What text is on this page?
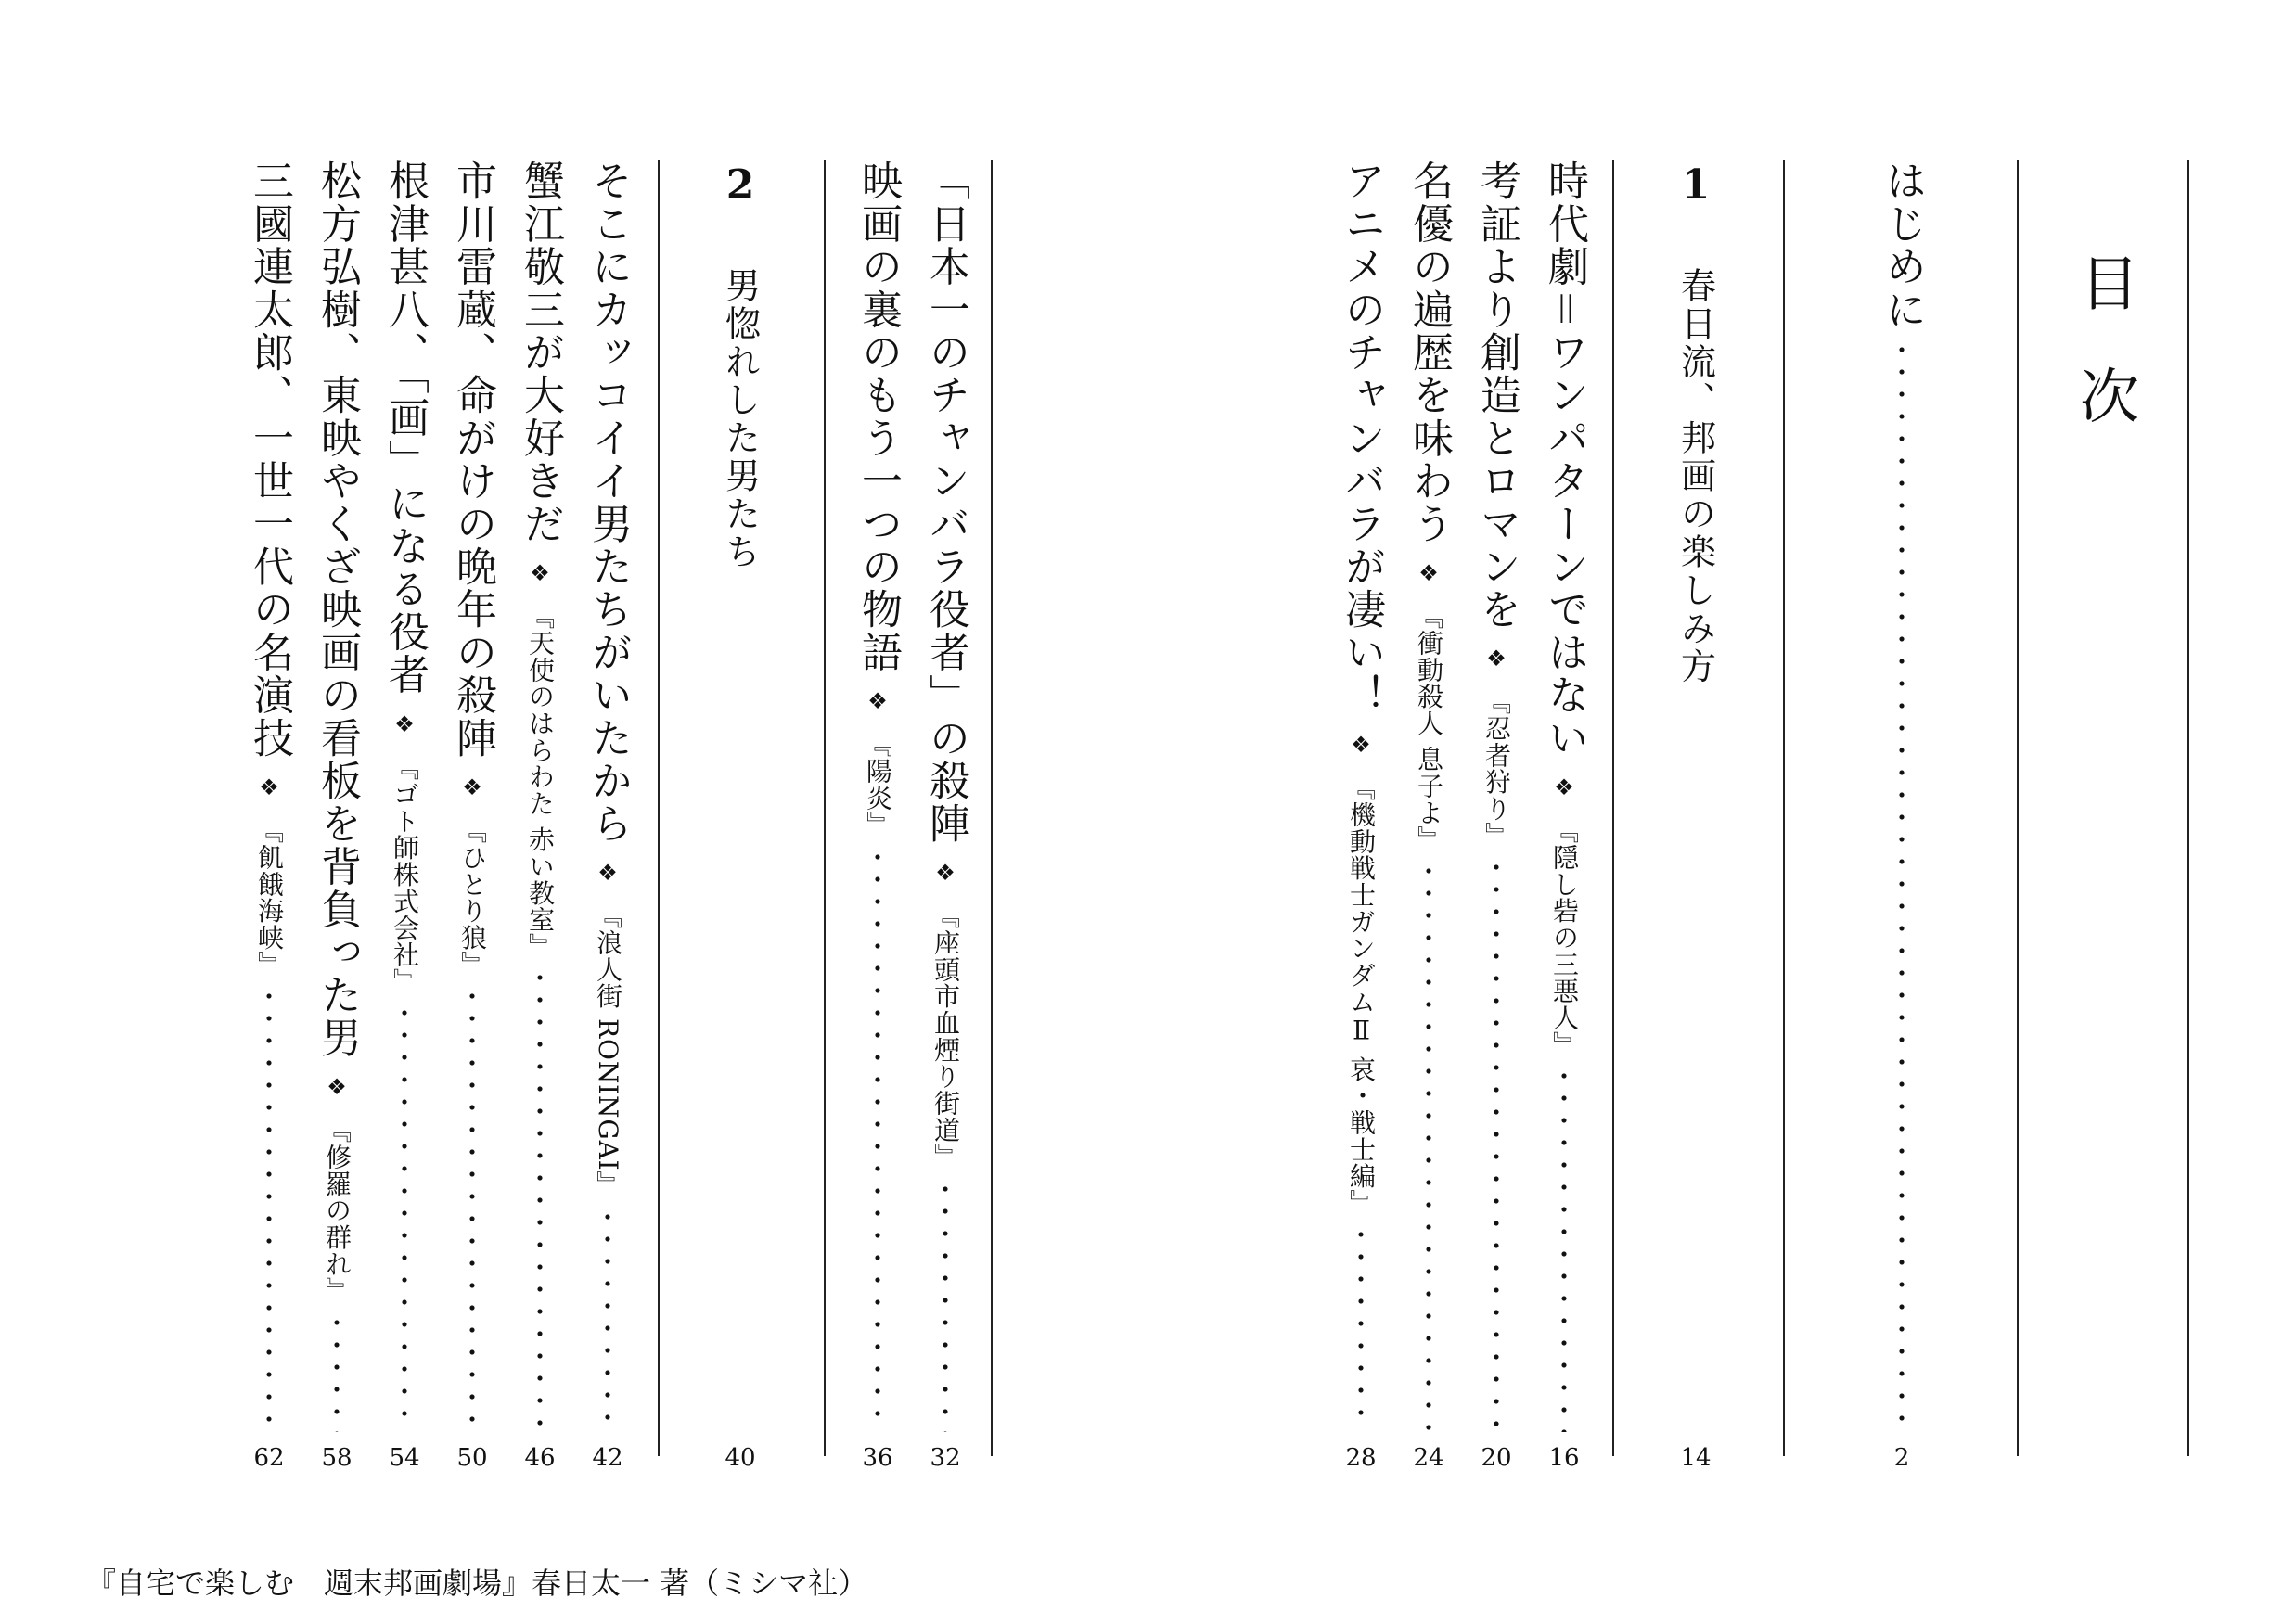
目次
はじめに
2
1
春日流、邦画の楽しみ方
14
時代劇＝ワンパターンではない
❖
『隠し砦の三悪人』
16
考証より創造とロマンを
❖
『忍者狩り』
20
名優の遍歴を味わう
❖
『衝動殺人 息子よ』
24
アニメのチャンバラが凄い！
❖
『機動戦士ガンダムⅡ 哀・戦士編』
28
「日本一のチャンバラ役者」の殺陣
❖
『座頭市血煙り街道』
32
映画の裏のもう一つの物語
❖
『陽炎』
36
2
男惚れした男たち
40
そこにカッコイイ男たちがいたから
❖
『浪人街 RONINGAI』
42
蟹江敬三が大好きだ
❖
『天使のはらわた 赤い教室』
46
市川雷蔵、命がけの晩年の殺陣
❖
『ひとり狼』
50
根津甚八、「画」になる役者
❖
『ゴト師株式会社』
54
松方弘樹、東映やくざ映画の看板を背負った男
❖
『修羅の群れ』
58
三國連太郎、一世一代の名演技
❖
『飢餓海峡』
62
『自宅で楽しむ　週末邦画劇場』春日太一 著（ミシマ社）
